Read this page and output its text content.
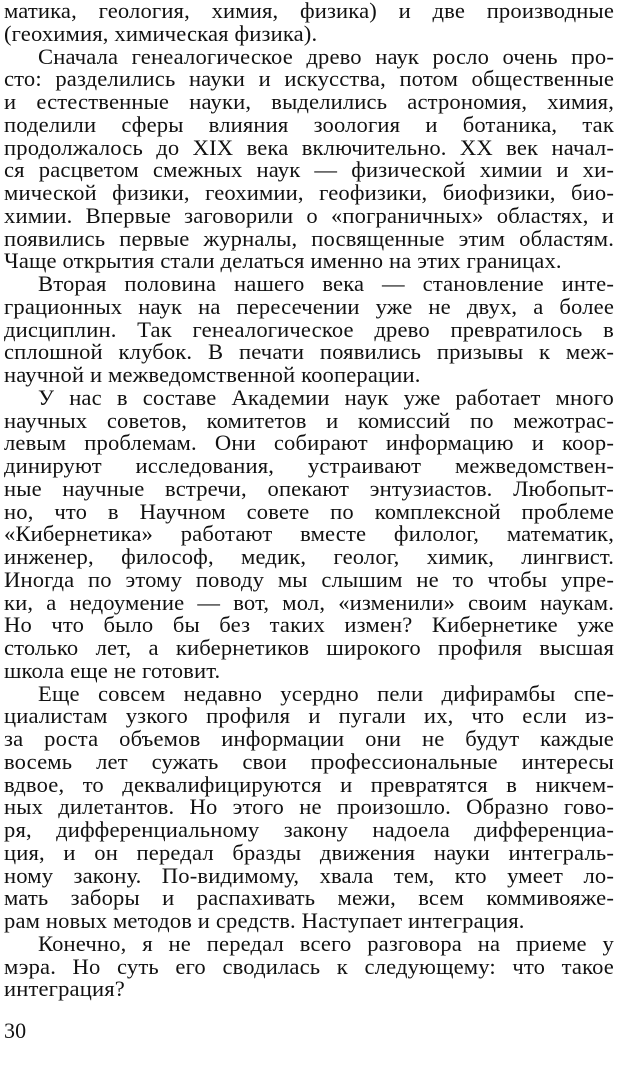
матика, геология, химия, физика) и две производные
(геохимия, химическая физика).
Сначала генеалогическое древо наук росло очень про-
сто: разделились науки и искусства, потом общественные
и естественные науки, выделились астрономия, химия,
поделили сферы влияния зоология и ботаника, так
продолжалось до XIX века включительно. XX век начал-
ся расцветом смежных наук — физической химии и хи-
мической физики, геохимии, геофизики, биофизики, био-
химии. Впервые заговорили о «пограничных» областях, и
появились первые журналы, посвященные этим областям.
Чаще открытия стали делаться именно на этих границах.
Вторая половина нашего века — становление инте-
грационных наук на пересечении уже не двух, а более
дисциплин. Так генеалогическое древо превратилось в
сплошной клубок. В печати появились призывы к меж-
научной и межведомственной кооперации.
У нас в составе Академии наук уже работает много
научных советов, комитетов и комиссий по межотрас-
левым проблемам. Они собирают информацию и коор-
динируют исследования, устраивают межведомствен-
ные научные встречи, опекают энтузиастов. Любопыт-
но, что в Научном совете по комплексной проблеме
«Кибернетика» работают вместе филолог, математик,
инженер, философ, медик, геолог, химик, лингвист.
Иногда по этому поводу мы слышим не то чтобы упре-
ки, а недоумение — вот, мол, «изменили» своим наукам.
Но что было бы без таких измен? Кибернетике уже
столько лет, а кибернетиков широкого профиля высшая
школа еще не готовит.
Еще совсем недавно усердно пели дифирамбы спе-
циалистам узкого профиля и пугали их, что если из-
за роста объемов информации они не будут каждые
восемь лет сужать свои профессиональные интересы
вдвое, то деквалифицируются и превратятся в никчем-
ных дилетантов. Но этого не произошло. Образно гово-
ря, дифференциальному закону надоела дифференциа-
ция, и он передал бразды движения науки интеграль-
ному закону. По-видимому, хвала тем, кто умеет ло-
мать заборы и распахивать межи, всем коммивояже-
рам новых методов и средств. Наступает интеграция.
Конечно, я не передал всего разговора на приеме у
мэра. Но суть его сводилась к следующему: что такое
интеграция?
30
